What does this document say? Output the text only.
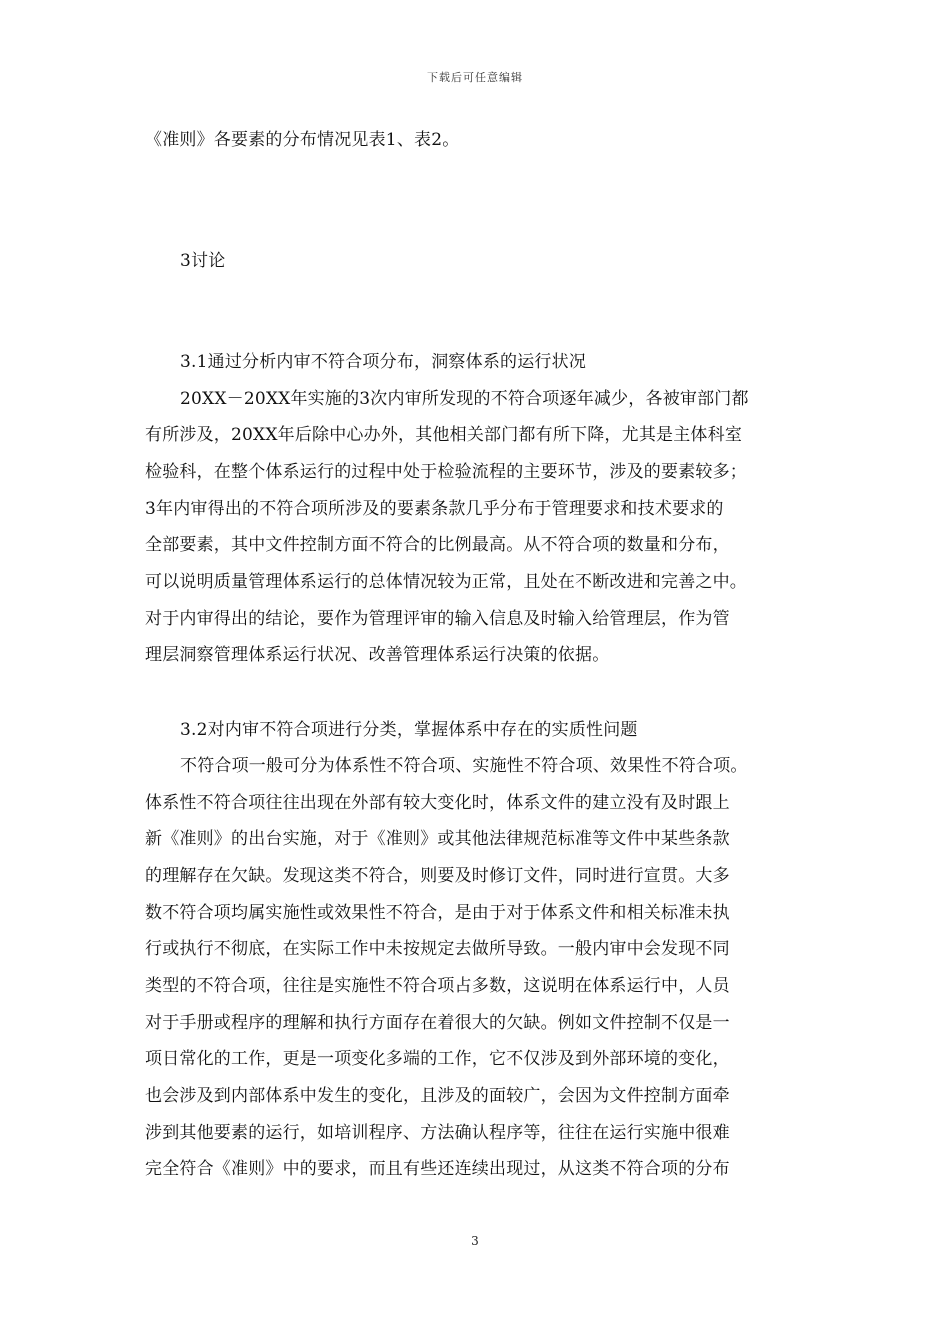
下载后可任意编辑
《准则》各要素的分布情况见表1、表2。
3讨论
3.1通过分析内审不符合项分布，洞察体系的运行状况
20XX－20XX年实施的3次内审所发现的不符合项逐年减少，各被审部门都
有所涉及，20XX年后除中心办外，其他相关部门都有所下降，尤其是主体科室
检验科，在整个体系运行的过程中处于检验流程的主要环节，涉及的要素较多；
3年内审得出的不符合项所涉及的要素条款几乎分布于管理要求和技术要求的
全部要素，其中文件控制方面不符合的比例最高。从不符合项的数量和分布，
可以说明质量管理体系运行的总体情况较为正常，且处在不断改进和完善之中。
对于内审得出的结论，要作为管理评审的输入信息及时输入给管理层，作为管
理层洞察管理体系运行状况、改善管理体系运行决策的依据。
3.2对内审不符合项进行分类，掌握体系中存在的实质性问题
不符合项一般可分为体系性不符合项、实施性不符合项、效果性不符合项。
体系性不符合项往往出现在外部有较大变化时，体系文件的建立没有及时跟上
新《准则》的出台实施，对于《准则》或其他法律规范标准等文件中某些条款
的理解存在欠缺。发现这类不符合，则要及时修订文件，同时进行宣贯。大多
数不符合项均属实施性或效果性不符合，是由于对于体系文件和相关标准未执
行或执行不彻底，在实际工作中未按规定去做所导致。一般内审中会发现不同
类型的不符合项，往往是实施性不符合项占多数，这说明在体系运行中，人员
对于手册或程序的理解和执行方面存在着很大的欠缺。例如文件控制不仅是一
项日常化的工作，更是一项变化多端的工作，它不仅涉及到外部环境的变化，
也会涉及到内部体系中发生的变化，且涉及的面较广，会因为文件控制方面牵
涉到其他要素的运行，如培训程序、方法确认程序等，往往在运行实施中很难
完全符合《准则》中的要求，而且有些还连续出现过，从这类不符合项的分布
3
